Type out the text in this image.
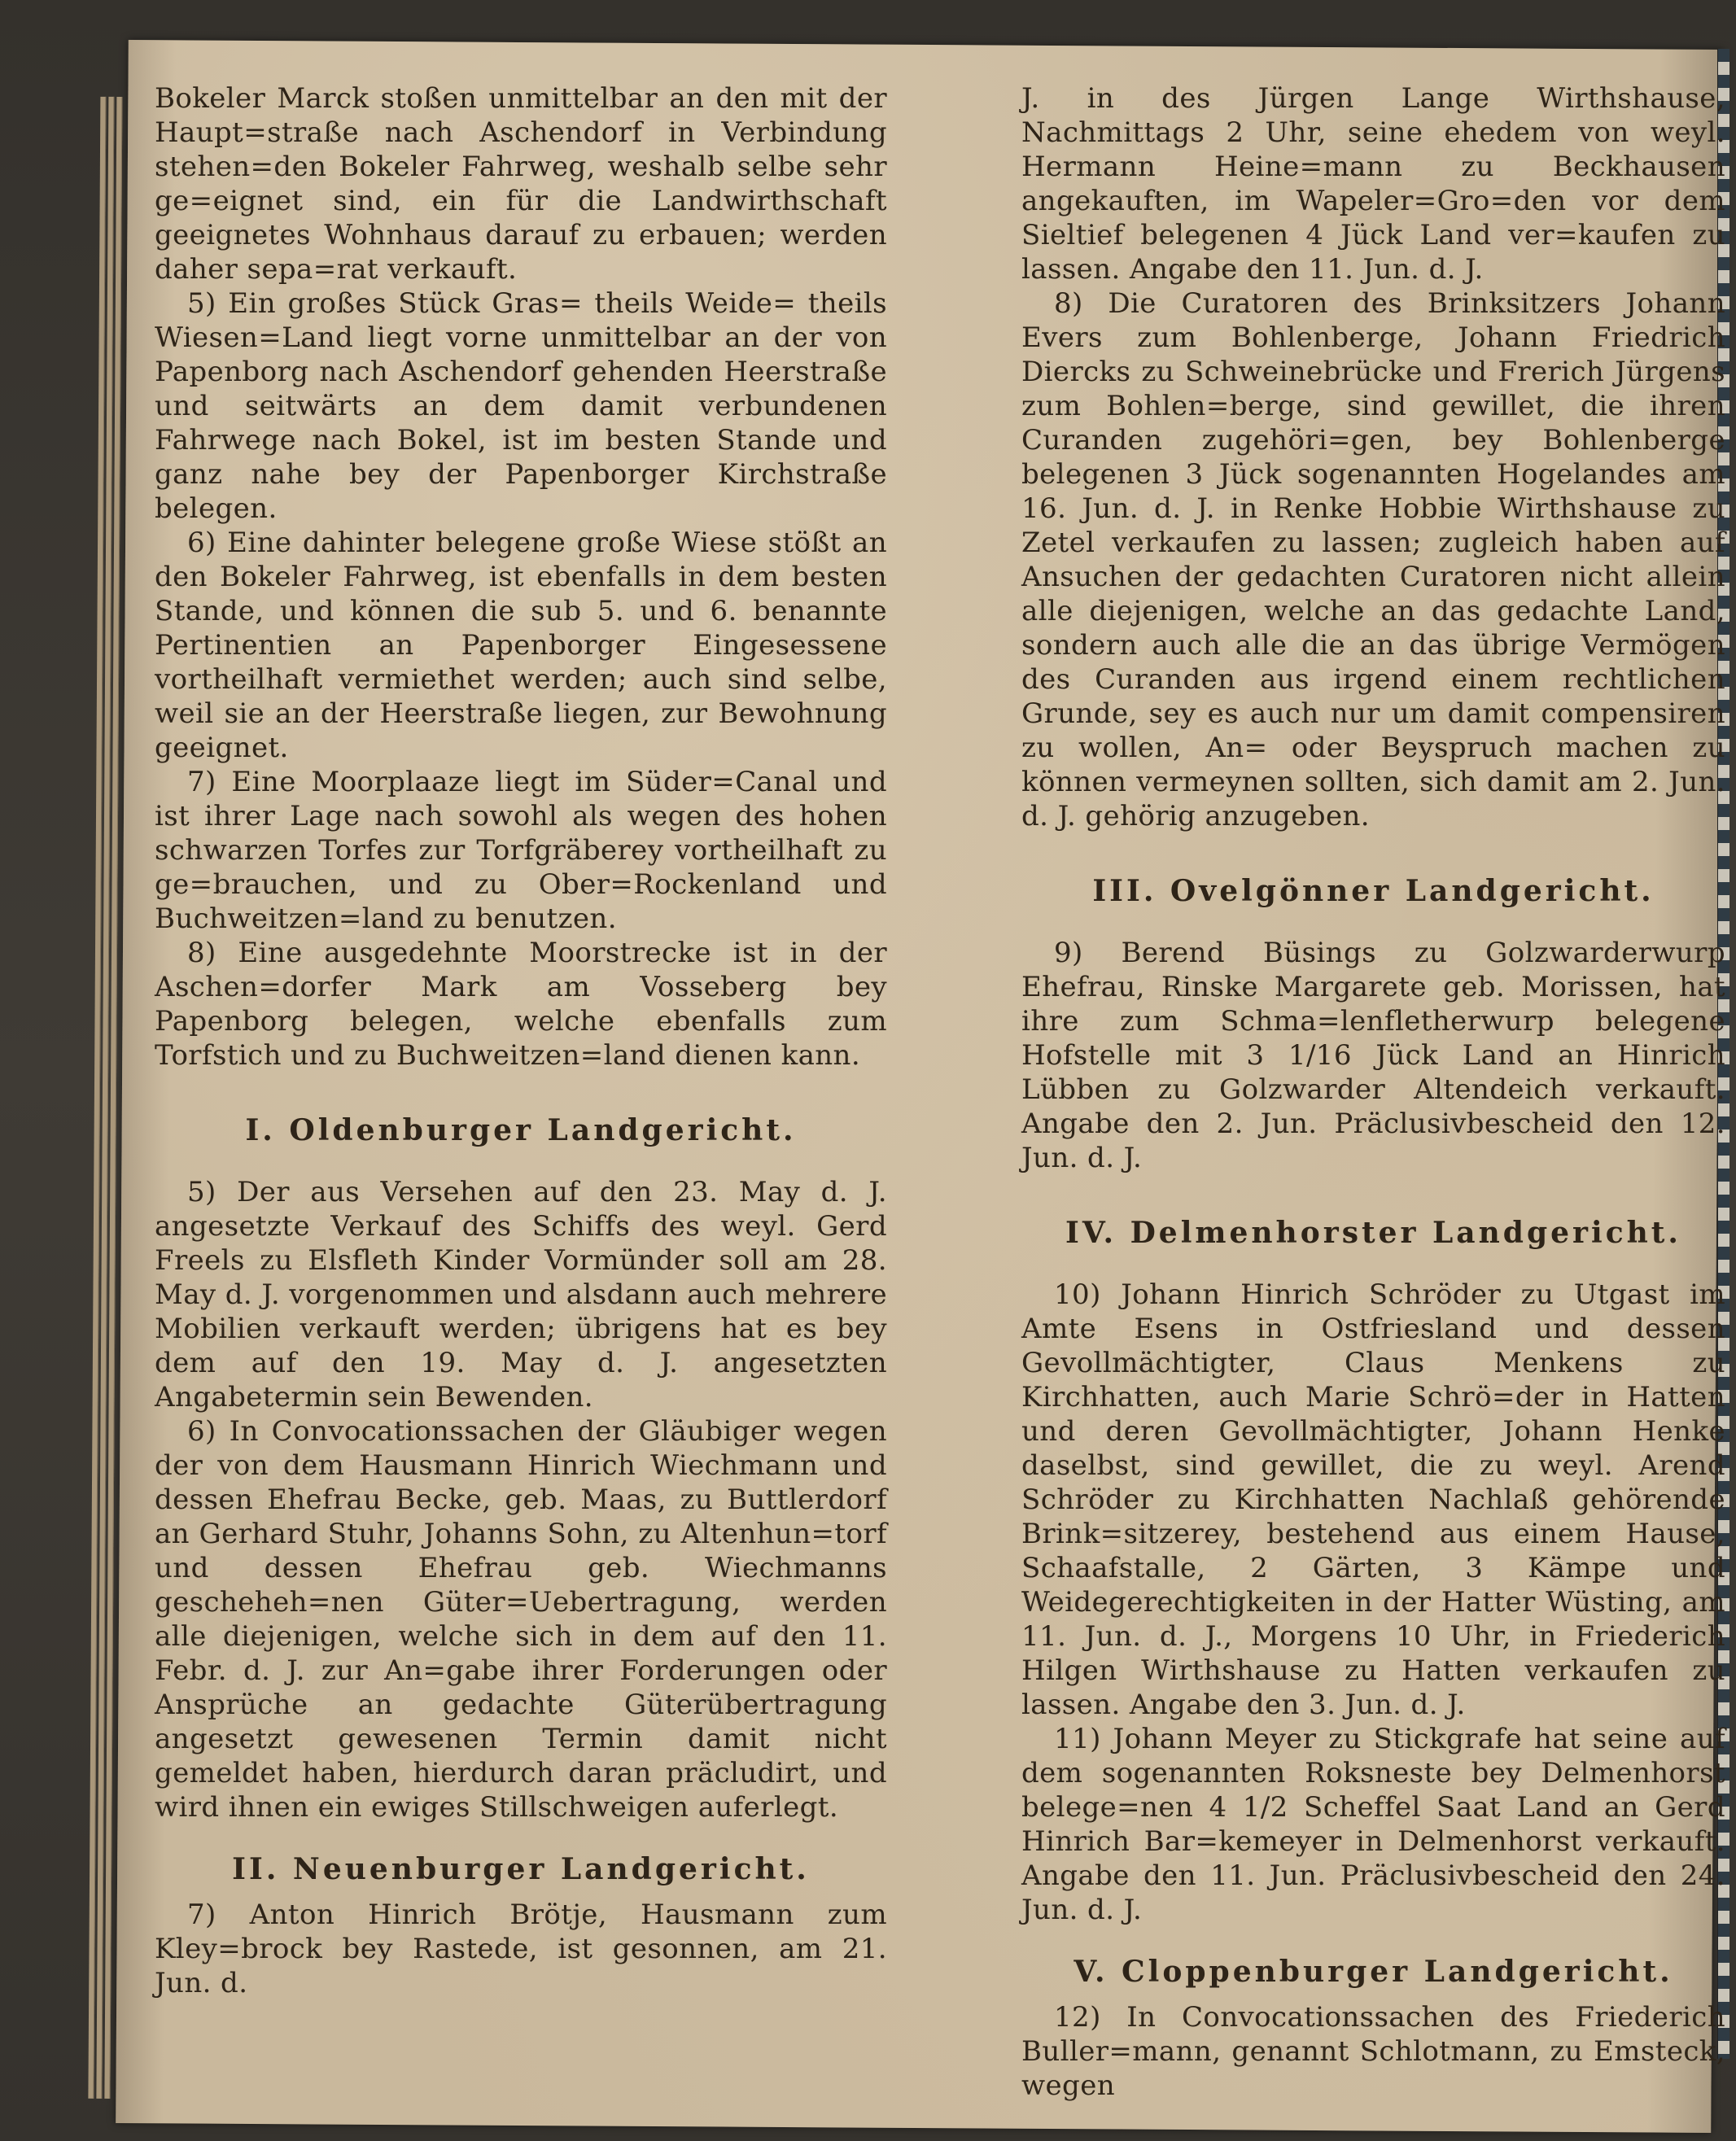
Bokeler Marck stoßen unmittelbar an den mit der Haupt=straße nach Aschendorf in Verbindung stehen=den Bokeler Fahrweg, weshalb selbe sehr ge=eignet sind, ein für die Landwirthschaft geeignetes Wohnhaus darauf zu erbauen; werden daher sepa=rat verkauft.

5) Ein großes Stück Gras= theils Weide= theils Wiesen=Land liegt vorne unmittelbar an der von Papenborg nach Aschendorf gehenden Heerstraße und seitwärts an dem damit verbundenen Fahrwege nach Bokel, ist im besten Stande und ganz nahe bey der Papenborger Kirchstraße belegen.

6) Eine dahinter belegene große Wiese stößt an den Bokeler Fahrweg, ist ebenfalls in dem besten Stande, und können die sub 5. und 6. benannte Pertinentien an Papenborger Eingesessene vortheilhaft vermiethet werden; auch sind selbe, weil sie an der Heerstraße liegen, zur Bewohnung geeignet.

7) Eine Moorplaaze liegt im Süder=Canal und ist ihrer Lage nach sowohl als wegen des hohen schwarzen Torfes zur Torfgräberey vortheilhaft zu ge=brauchen, und zu Ober=Rockenland und Buchweitzen=land zu benutzen.

8) Eine ausgedehnte Moorstrecke ist in der Aschen=dorfer Mark am Vosseberg bey Papenborg belegen, welche ebenfalls zum Torfstich und zu Buchweitzen=land dienen kann.

I. Oldenburger Landgericht.

5) Der aus Versehen auf den 23. May d. J. angesetzte Verkauf des Schiffs des weyl. Gerd Freels zu Elsfleth Kinder Vormünder soll am 28. May d. J. vorgenommen und alsdann auch mehrere Mobilien verkauft werden; übrigens hat es bey dem auf den 19. May d. J. angesetzten Angabetermin sein Bewenden.

6) In Convocationssachen der Gläubiger wegen der von dem Hausmann Hinrich Wiechmann und dessen Ehefrau Becke, geb. Maas, zu Buttlerdorf an Gerhard Stuhr, Johanns Sohn, zu Altenhun=torf und dessen Ehefrau geb. Wiechmanns gescheheh=nen Güter=Uebertragung, werden alle diejenigen, welche sich in dem auf den 11. Febr. d. J. zur An=gabe ihrer Forderungen oder Ansprüche an gedachte Güterübertragung angesetzt gewesenen Termin damit nicht gemeldet haben, hierdurch daran präcludirt, und wird ihnen ein ewiges Stillschweigen auferlegt.

II. Neuenburger Landgericht.

7) Anton Hinrich Brötje, Hausmann zum Kley=brock bey Rastede, ist gesonnen, am 21. Jun. d.

J. in des Jürgen Lange Wirthshause, Nachmittags 2 Uhr, seine ehedem von weyl. Hermann Heine=mann zu Beckhausen angekauften, im Wapeler=Gro=den vor dem Sieltief belegenen 4 Jück Land ver=kaufen zu lassen. Angabe den 11. Jun. d. J.

8) Die Curatoren des Brinksitzers Johann Evers zum Bohlenberge, Johann Friedrich Diercks zu Schweinebrücke und Frerich Jürgens zum Bohlen=berge, sind gewillet, die ihren Curanden zugehöri=gen, bey Bohlenberge belegenen 3 Jück sogenannten Hogelandes am 16. Jun. d. J. in Renke Hobbie Wirthshause zu Zetel verkaufen zu lassen; zugleich haben auf Ansuchen der gedachten Curatoren nicht allein alle diejenigen, welche an das gedachte Land, sondern auch alle die an das übrige Vermögen des Curanden aus irgend einem rechtlichen Grunde, sey es auch nur um damit compensiren zu wollen, An= oder Beyspruch machen zu können vermeynen sollten, sich damit am 2. Jun. d. J. gehörig anzugeben.

III. Ovelgönner Landgericht.

9) Berend Büsings zu Golzwarderwurp Ehefrau, Rinske Margarete geb. Morissen, hat ihre zum Schma=lenfletherwurp belegene Hofstelle mit 3 1/16 Jück Land an Hinrich Lübben zu Golzwarder Altendeich verkauft. Angabe den 2. Jun. Präclusivbescheid den 12. Jun. d. J.

IV. Delmenhorster Landgericht.

10) Johann Hinrich Schröder zu Utgast im Amte Esens in Ostfriesland und dessen Gevollmächtigter, Claus Menkens zu Kirchhatten, auch Marie Schrö=der in Hatten und deren Gevollmächtigter, Johann Henke daselbst, sind gewillet, die zu weyl. Arend Schröder zu Kirchhatten Nachlaß gehörende Brink=sitzerey, bestehend aus einem Hause, Schaafstalle, 2 Gärten, 3 Kämpe und Weidegerechtigkeiten in der Hatter Wüsting, am 11. Jun. d. J., Morgens 10 Uhr, in Friederich Hilgen Wirthshause zu Hatten verkaufen zu lassen. Angabe den 3. Jun. d. J.

11) Johann Meyer zu Stickgrafe hat seine auf dem sogenannten Roksneste bey Delmenhorst belege=nen 4 1/2 Scheffel Saat Land an Gerd Hinrich Bar=kemeyer in Delmenhorst verkauft. Angabe den 11. Jun. Präclusivbescheid den 24. Jun. d. J.

V. Cloppenburger Landgericht.

12) In Convocationssachen des Friederich Buller=mann, genannt Schlotmann, zu Emsteck, wegen
